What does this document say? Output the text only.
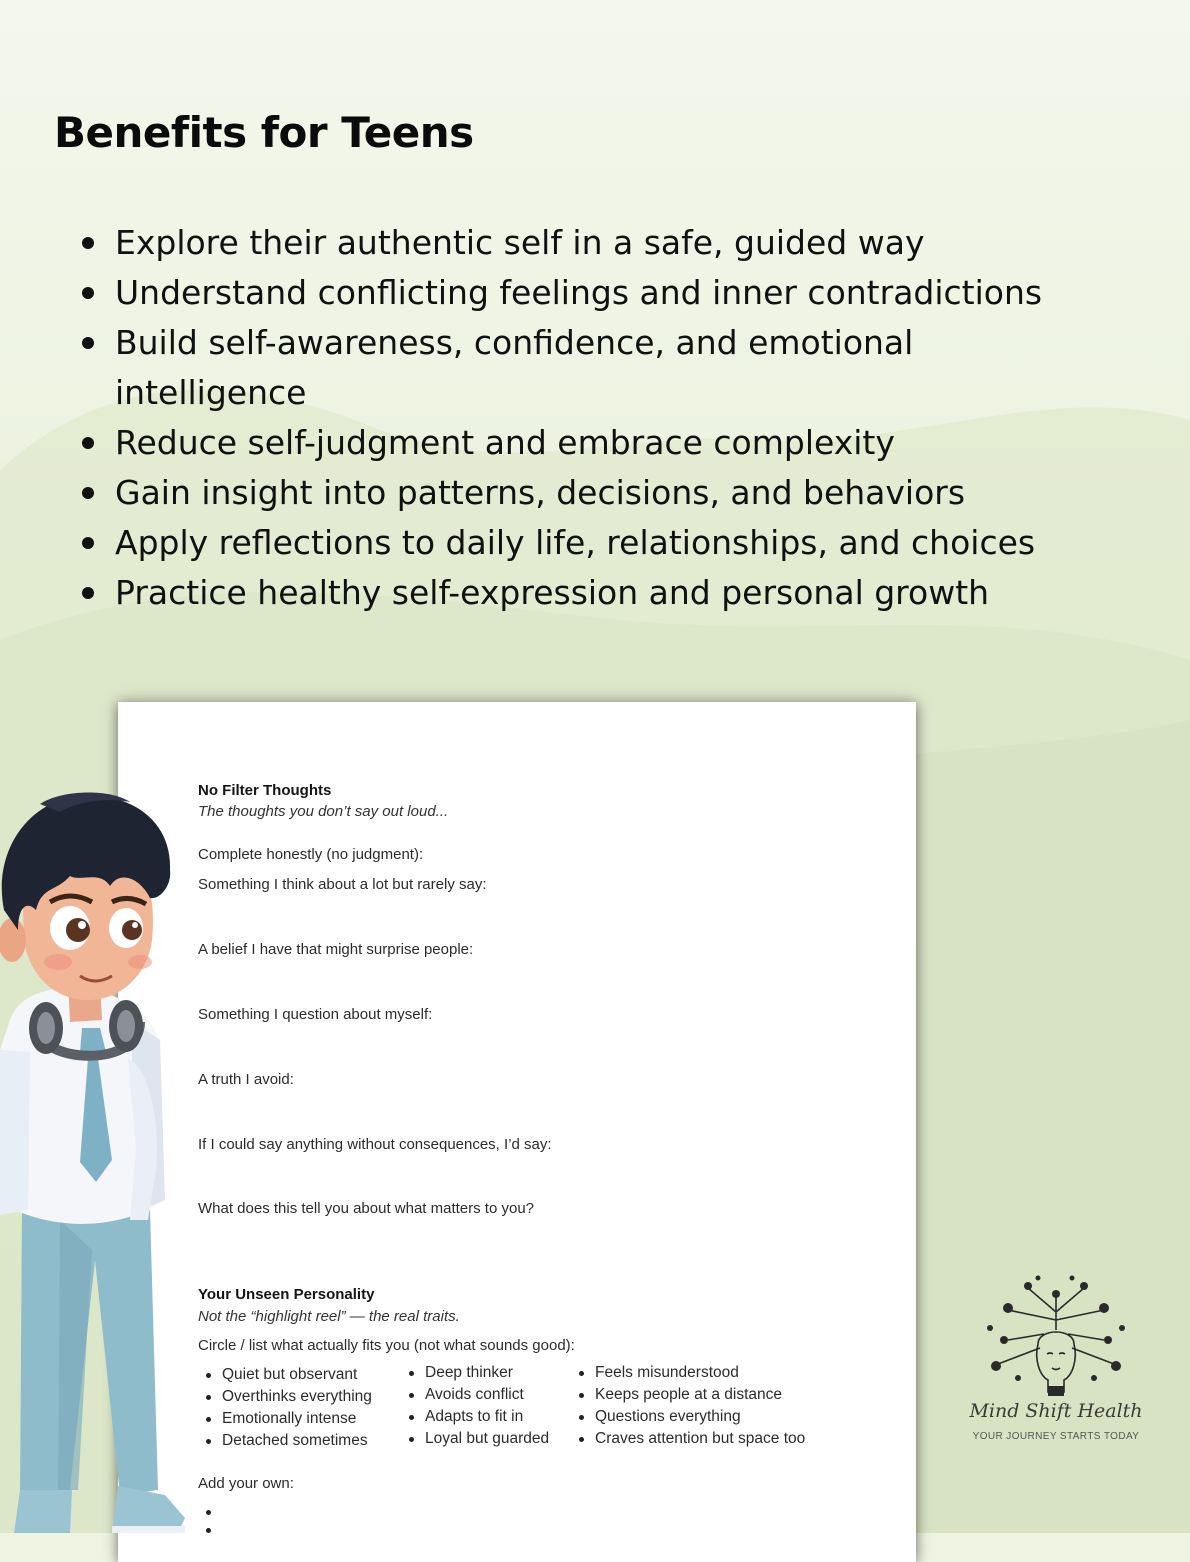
Benefits for Teens
Explore their authentic self in a safe, guided way
Understand conflicting feelings and inner contradictions
Build self-awareness, confidence, and emotional intelligence
Reduce self-judgment and embrace complexity
Gain insight into patterns, decisions, and behaviors
Apply reflections to daily life, relationships, and choices
Practice healthy self-expression and personal growth
No Filter Thoughts
The thoughts you don’t say out loud...
Complete honestly (no judgment):
Something I think about a lot but rarely say:
A belief I have that might surprise people:
Something I question about myself:
A truth I avoid:
If I could say anything without consequences, I’d say:
What does this tell you about what matters to you?
Your Unseen Personality
Not the “highlight reel” — the real traits.
Circle / list what actually fits you (not what sounds good):
Quiet but observant
Overthinks everything
Emotionally intense
Detached sometimes
Deep thinker
Avoids conflict
Adapts to fit in
Loyal but guarded
Feels misunderstood
Keeps people at a distance
Questions everything
Craves attention but space too
Add your own:
Mind Shift Health
YOUR JOURNEY STARTS TODAY
